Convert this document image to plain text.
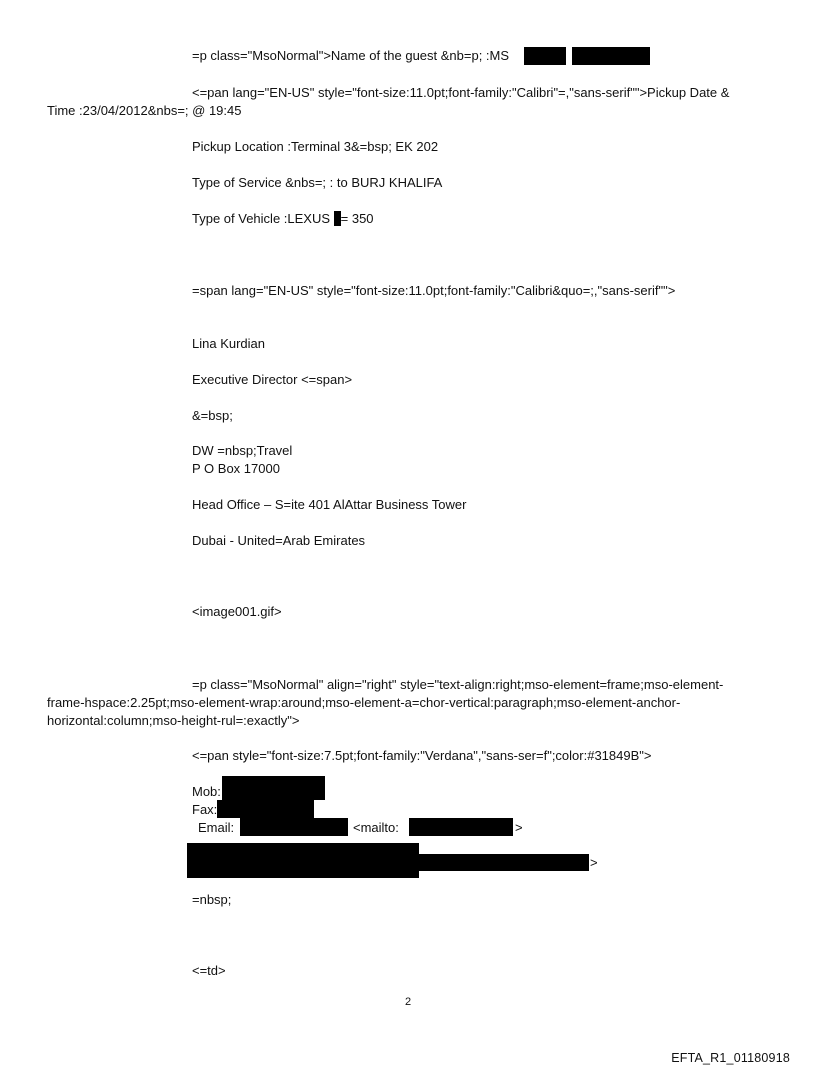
=p class="MsoNormal">Name of the guest &nb=p; :MS
<=pan lang="EN-US" style="font-size:11.0pt;font-family:"Calibri"=,"sans-serif"">Pickup Date &
Time :23/04/2012&nbs=; @ 19:45
Pickup Location :Terminal 3&=bsp; EK 202
Type of Service &nbs=; : to BURJ KHALIFA
Type of Vehicle :LEXUS = 350
=span lang="EN-US" style="font-size:11.0pt;font-family:"Calibri&quo=;,"sans-serif"">
Lina Kurdian
Executive Director <=span>
&=bsp;
DW =nbsp;Travel
P O Box 17000
Head Office – S=ite 401 AlAttar Business Tower
Dubai - United=Arab Emirates
<image001.gif>
=p class="MsoNormal" align="right" style="text-align:right;mso-element=frame;mso-element-
frame-hspace:2.25pt;mso-element-wrap:around;mso-element-a=chor-vertical:paragraph;mso-element-anchor-
horizontal:column;mso-height-rul=:exactly">
<=pan style="font-size:7.5pt;font-family:"Verdana","sans-ser=f";color:#31849B">
Mob:
Fax:
Email:	<mailto:	>
>
=nbsp;
<=td>
2
EFTA_R1_01180918
